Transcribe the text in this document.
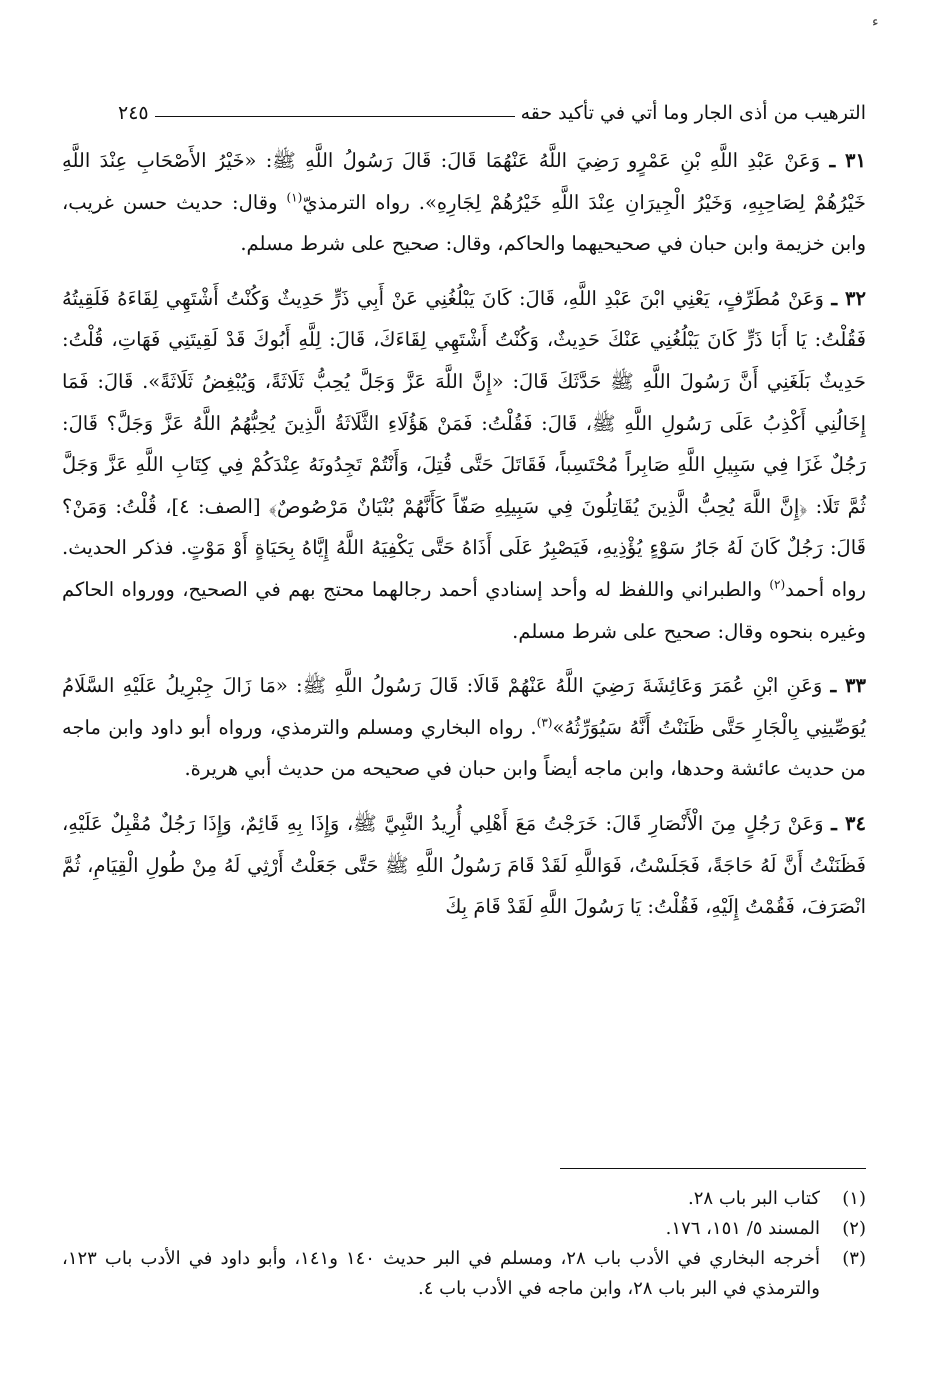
ء
الترهيب من أذى الجار وما أتي في تأكيد حقه
٢٤٥

٣١ ـ وَعَنْ عَبْدِ اللَّهِ بْنِ عَمْرٍو رَضِيَ اللَّهُ عَنْهُمَا قَالَ: قَالَ رَسُولُ اللَّهِ ﷺ: «خَيْرُ الأَصْحَابِ عِنْدَ اللَّهِ خَيْرُهُمْ لِصَاحِبِهِ، وَخَيْرُ الْجِيرَانِ عِنْدَ اللَّهِ خَيْرُهُمْ لِجَارِهِ». رواه الترمذيّ$^{(١)}$ وقال: حديث حسن غريب، وابن خزيمة وابن حبان في صحيحيهما والحاكم، وقال: صحيح على شرط مسلم.

٣٢ ـ وَعَنْ مُطَرِّفٍ، يَعْنِي ابْنَ عَبْدِ اللَّهِ، قَالَ: كَانَ يَبْلُغُنِي عَنْ أَبِي ذَرٍّ حَدِيثٌ وَكُنْتُ أَشْتَهِي لِقَاءَهُ فَلَقِيتُهُ فَقُلْتُ: يَا أَبَا ذَرٍّ كَانَ يَبْلُغُنِي عَنْكَ حَدِيثٌ، وَكُنْتُ أَشْتَهِي لِقَاءَكَ، قَالَ: لِلَّهِ أَبُوكَ قَدْ لَقِيتَنِي فَهَاتِ، قُلْتُ: حَدِيثٌ بَلَغَنِي أَنَّ رَسُولَ اللَّهِ ﷺ حَدَّثَكَ قَالَ: «إِنَّ اللَّهَ عَزَّ وَجَلَّ يُحِبُّ ثَلَاثَةً، وَيُبْغِضُ ثَلَاثَةً». قَالَ: فَمَا إِخَالُنِي أَكْذِبُ عَلَى رَسُولِ اللَّهِ ﷺ، قَالَ: فَقُلْتُ: فَمَنْ هَؤُلَاءِ الثَّلَاثَةُ الَّذِينَ يُحِبُّهُمُ اللَّهُ عَزَّ وَجَلَّ؟ قَالَ: رَجُلٌ غَزَا فِي سَبِيلِ اللَّهِ صَابِراً مُحْتَسِباً، فَقَاتَلَ حَتَّى قُتِلَ، وَأَنْتُمْ تَجِدُونَهُ عِنْدَكُمْ فِي كِتَابِ اللَّهِ عَزَّ وَجَلَّ ثُمَّ تَلَا: ﴿إِنَّ اللَّهَ يُحِبُّ الَّذِينَ يُقَاتِلُونَ فِي سَبِيلِهِ صَفّاً كَأَنَّهُمْ بُنْيَانٌ مَرْصُوصٌ﴾ [الصف: ٤]، قُلْتُ: وَمَنْ؟ قَالَ: رَجُلٌ كَانَ لَهُ جَارُ سَوْءٍ يُؤْذِيهِ، فَيَصْبِرُ عَلَى أَذَاهُ حَتَّى يَكْفِيَهُ اللَّهُ إِيَّاهُ بِحَيَاةٍ أَوْ مَوْتٍ. فذكر الحديث. رواه أحمد$^{(٢)}$ والطبراني واللفظ له وأحد إسنادي أحمد رجالهما محتج بهم في الصحيح، وورواه الحاكم وغيره بنحوه وقال: صحيح على شرط مسلم.

٣٣ ـ وَعَنِ ابْنِ عُمَرَ وَعَائِشَةَ رَضِيَ اللَّهُ عَنْهُمْ قَالَا: قَالَ رَسُولُ اللَّهِ ﷺ: «مَا زَالَ جِبْرِيلُ عَلَيْهِ السَّلَامُ يُوَصِّينِي بِالْجَارِ حَتَّى ظَنَنْتُ أَنَّهُ سَيُوَرِّثُهُ»$^{(٣)}$. رواه البخاري ومسلم والترمذي، ورواه أبو داود وابن ماجه من حديث عائشة وحدها، وابن ماجه أيضاً وابن حبان في صحيحه من حديث أبي هريرة.

٣٤ ـ وَعَنْ رَجُلٍ مِنَ الْأَنْصَارِ قَالَ: خَرَجْتُ مَعَ أَهْلِي أُرِيدُ النَّبِيَّ ﷺ، وَإِذَا بِهِ قَائِمٌ، وَإِذَا رَجُلٌ مُقْبِلٌ عَلَيْهِ، فَظَنَنْتُ أَنَّ لَهُ حَاجَةً، فَجَلَسْتُ، فَوَاللَّهِ لَقَدْ قَامَ رَسُولُ اللَّهِ ﷺ حَتَّى جَعَلْتُ أَرْثِي لَهُ مِنْ طُولِ الْقِيَامِ، ثُمَّ انْصَرَفَ، فَقُمْتُ إِلَيْهِ، فَقُلْتُ: يَا رَسُولَ اللَّهِ لَقَدْ قَامَ بِكَ

(١)
كتاب البر باب ٢٨.
(٢)
المسند ٥/ ١٥١، ١٧٦.
(٣)
أخرجه البخاري في الأدب باب ٢٨، ومسلم في البر حديث ١٤٠ و١٤١، وأبو داود في الأدب باب ١٢٣، والترمذي في البر باب ٢٨، وابن ماجه في الأدب باب ٤.
